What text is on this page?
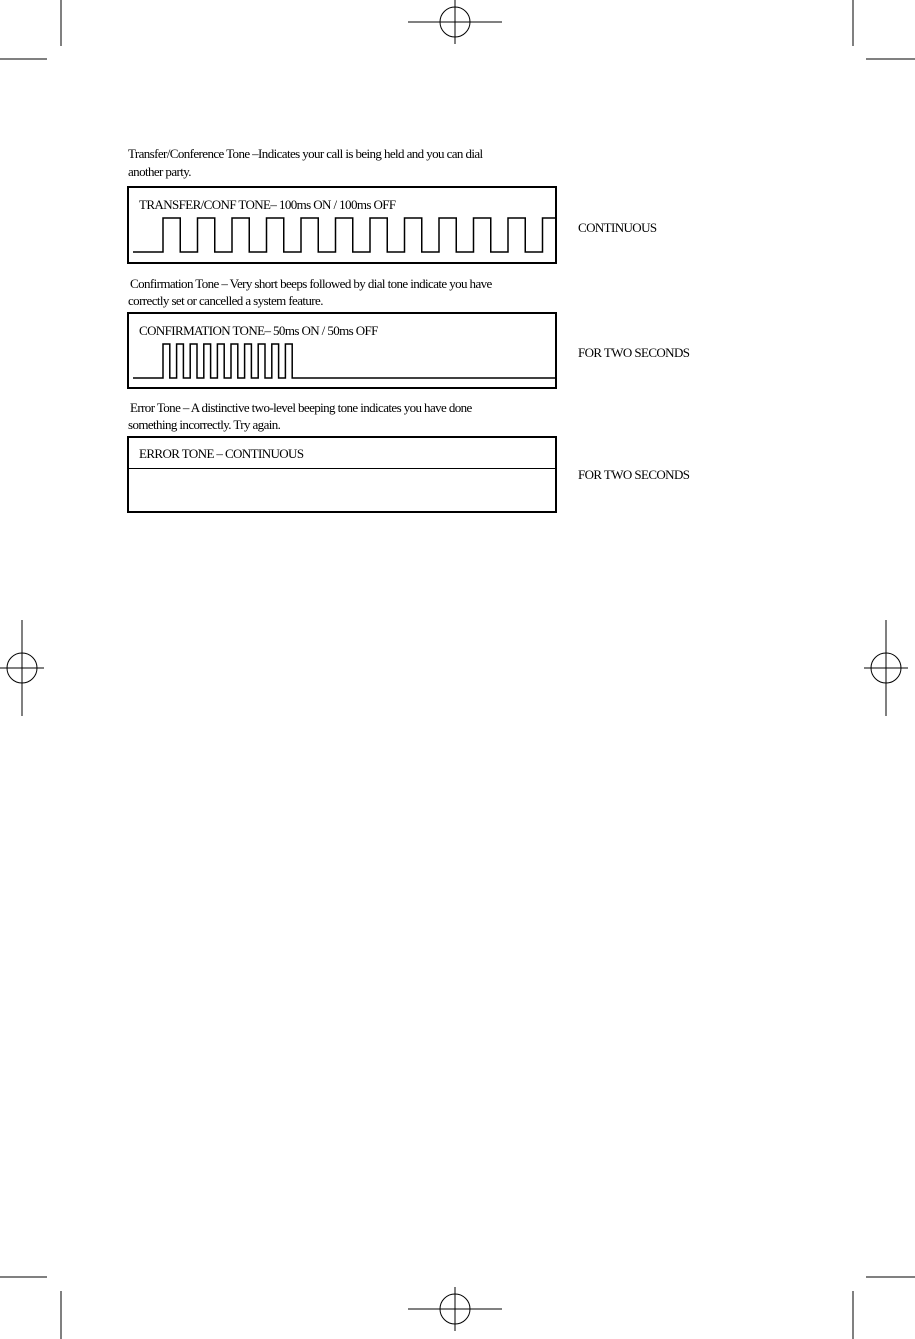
Transfer/Conference Tone –Indicates your call is being held and you can dial
another party.
TRANSFER/CONF TONE– 100ms ON / 100ms OFF
CONTINUOUS
Confirmation Tone – Very short beeps followed by dial tone indicate you have
correctly set or cancelled a system feature.
CONFIRMATION TONE– 50ms ON / 50ms OFF
FOR TWO SECONDS
Error Tone – A distinctive two-level beeping tone indicates you have done
something incorrectly. Try again.
ERROR TONE – CONTINUOUS
FOR TWO SECONDS
